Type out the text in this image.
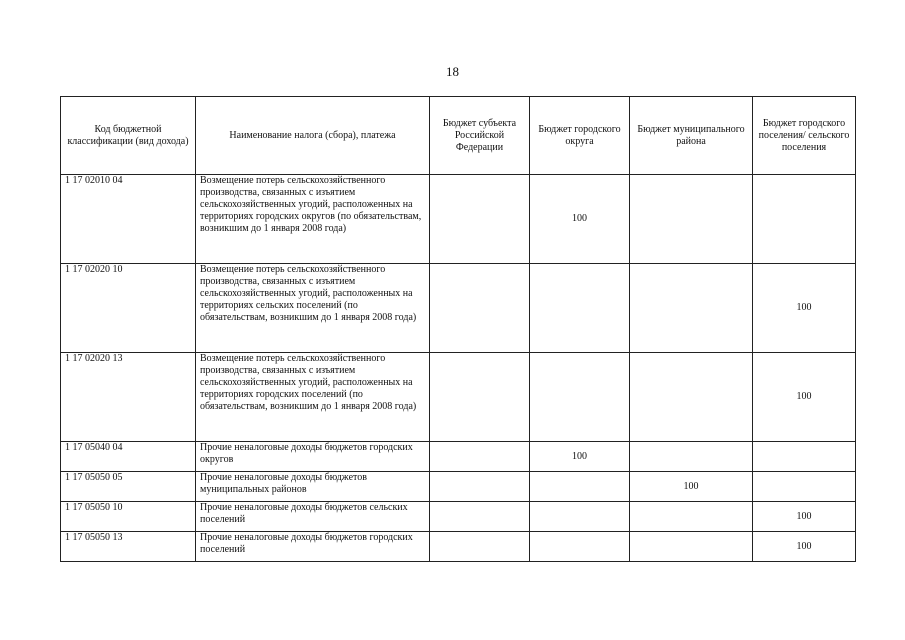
18
Код бюджетной классификации (вид дохода)	Наименование налога (сбора), платежа	Бюджет субъекта Российской Федерации	Бюджет городского округа	Бюджет муниципального района	Бюджет городского поселения/ сельского поселения
1 17 02010 04	Возмещение потерь сельскохозяйственного производства, связанных с изъятием сельскохозяйственных угодий, расположенных на территориях городских округов (по обязательствам, возникшим до 1 января 2008 года)		100		
1 17 02020 10	Возмещение потерь сельскохозяйственного производства, связанных с изъятием сельскохозяйственных угодий, расположенных на территориях сельских поселений (по обязательствам, возникшим до 1 января 2008 года)				100
1 17 02020 13	Возмещение потерь сельскохозяйственного производства, связанных с изъятием сельскохозяйственных угодий, расположенных на территориях городских поселений (по обязательствам, возникшим до 1 января 2008 года)				100
1 17 05040 04	Прочие неналоговые доходы бюджетов городских округов		100		
1 17 05050 05	Прочие неналоговые доходы бюджетов муниципальных районов			100	
1 17 05050 10	Прочие неналоговые доходы бюджетов сельских поселений				100
1 17 05050 13	Прочие неналоговые доходы бюджетов городских поселений				100
